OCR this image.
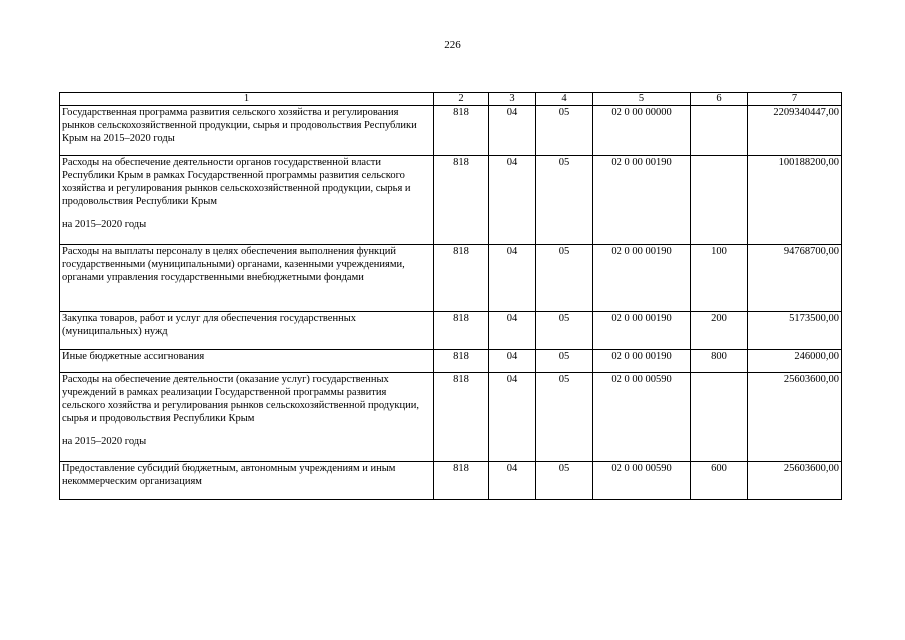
226
1	2	3	4	5	6	7
Государственная программа развития сельского хозяйства и регулирования рынков сельскохозяйственной продукции, сырья и продовольствия Республики Крым на 2015–2020 годы	818	04	05	02 0 00 00000		2209340447,00
Расходы на обеспечение деятельности органов государственной власти Республики Крым в рамках Государственной программы развития сельского хозяйства и регулирования рынков сельскохозяйственной продукции, сырья и продовольствия Республики Крым
на 2015–2020 годы	818	04	05	02 0 00 00190		100188200,00
Расходы на выплаты персоналу в целях обеспечения выполнения функций государственными (муниципальными) органами, казенными учреждениями, органами управления государственными внебюджетными фондами	818	04	05	02 0 00 00190	100	94768700,00
Закупка товаров, работ и услуг для обеспечения государственных (муниципальных) нужд	818	04	05	02 0 00 00190	200	5173500,00
Иные бюджетные ассигнования	818	04	05	02 0 00 00190	800	246000,00
Расходы на обеспечение деятельности (оказание услуг) государственных учреждений в рамках реализации Государственной программы развития сельского хозяйства и регулирования рынков сельскохозяйственной продукции, сырья и продовольствия Республики Крым
на 2015–2020 годы	818	04	05	02 0 00 00590		25603600,00
Предоставление субсидий бюджетным, автономным учреждениям и иным некоммерческим организациям	818	04	05	02 0 00 00590	600	25603600,00
